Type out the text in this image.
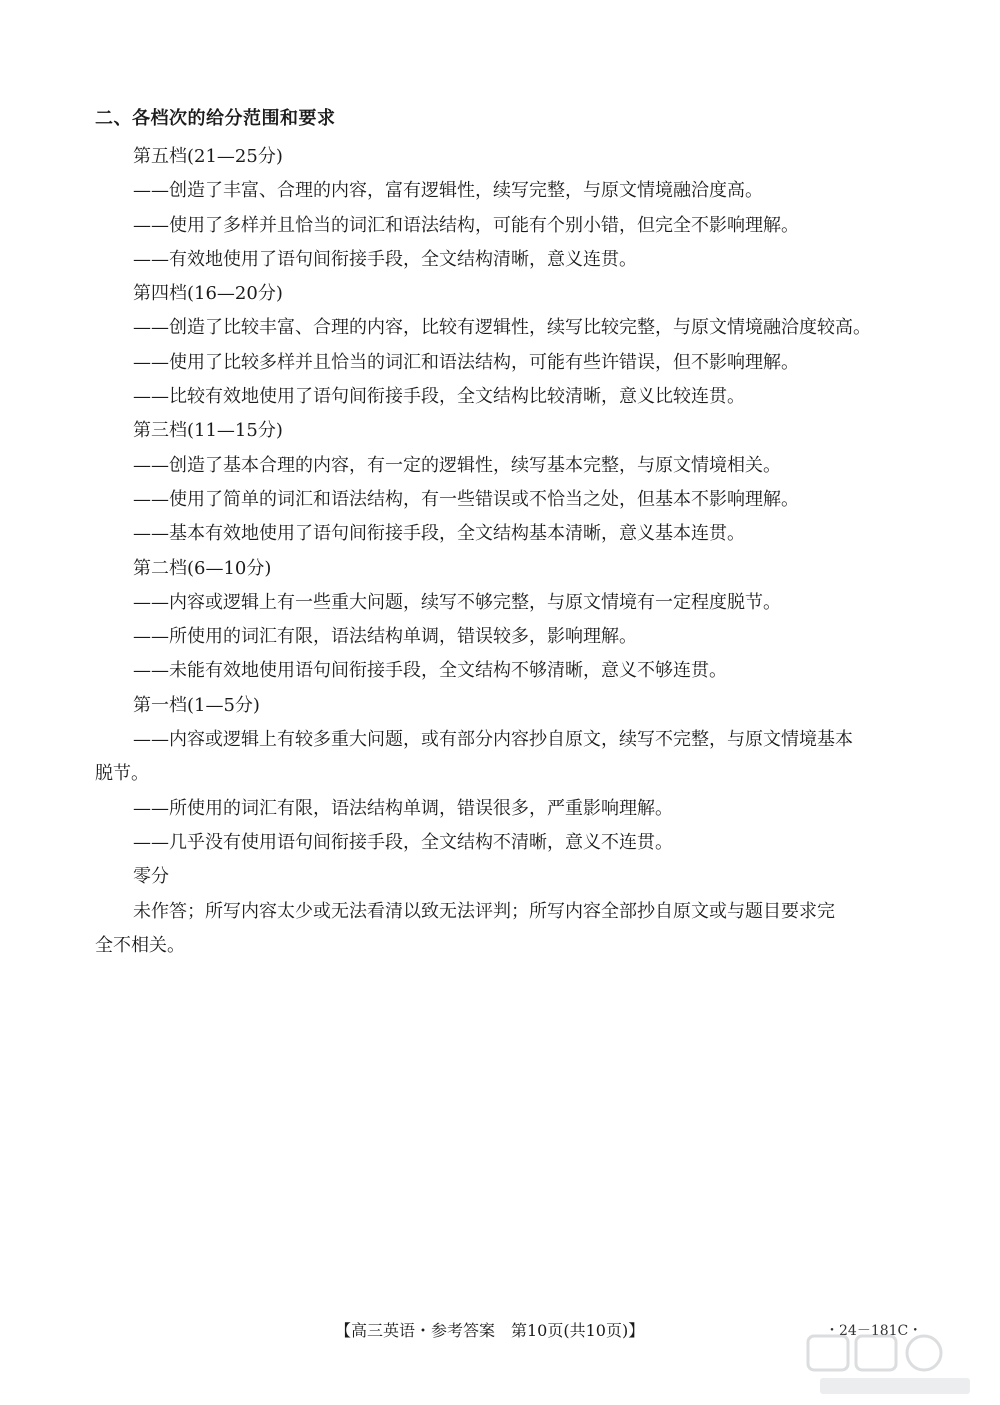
二、各档次的给分范围和要求

第五档(21—25分)

——创造了丰富、合理的内容，富有逻辑性，续写完整，与原文情境融洽度高。

——使用了多样并且恰当的词汇和语法结构，可能有个别小错，但完全不影响理解。

——有效地使用了语句间衔接手段，全文结构清晰，意义连贯。

第四档(16—20分)

——创造了比较丰富、合理的内容，比较有逻辑性，续写比较完整，与原文情境融洽度较高。

——使用了比较多样并且恰当的词汇和语法结构，可能有些许错误，但不影响理解。

——比较有效地使用了语句间衔接手段，全文结构比较清晰，意义比较连贯。

第三档(11—15分)

——创造了基本合理的内容，有一定的逻辑性，续写基本完整，与原文情境相关。

——使用了简单的词汇和语法结构，有一些错误或不恰当之处，但基本不影响理解。

——基本有效地使用了语句间衔接手段，全文结构基本清晰，意义基本连贯。

第二档(6—10分)

——内容或逻辑上有一些重大问题，续写不够完整，与原文情境有一定程度脱节。

——所使用的词汇有限，语法结构单调，错误较多，影响理解。

——未能有效地使用语句间衔接手段，全文结构不够清晰，意义不够连贯。

第一档(1—5分)

——内容或逻辑上有较多重大问题，或有部分内容抄自原文，续写不完整，与原文情境基本

脱节。

——所使用的词汇有限，语法结构单调，错误很多，严重影响理解。

——几乎没有使用语句间衔接手段，全文结构不清晰，意义不连贯。

零分

未作答；所写内容太少或无法看清以致无法评判；所写内容全部抄自原文或与题目要求完

全不相关。

【高三英语・参考答案　第10页(共10页)】	・24－181C・
